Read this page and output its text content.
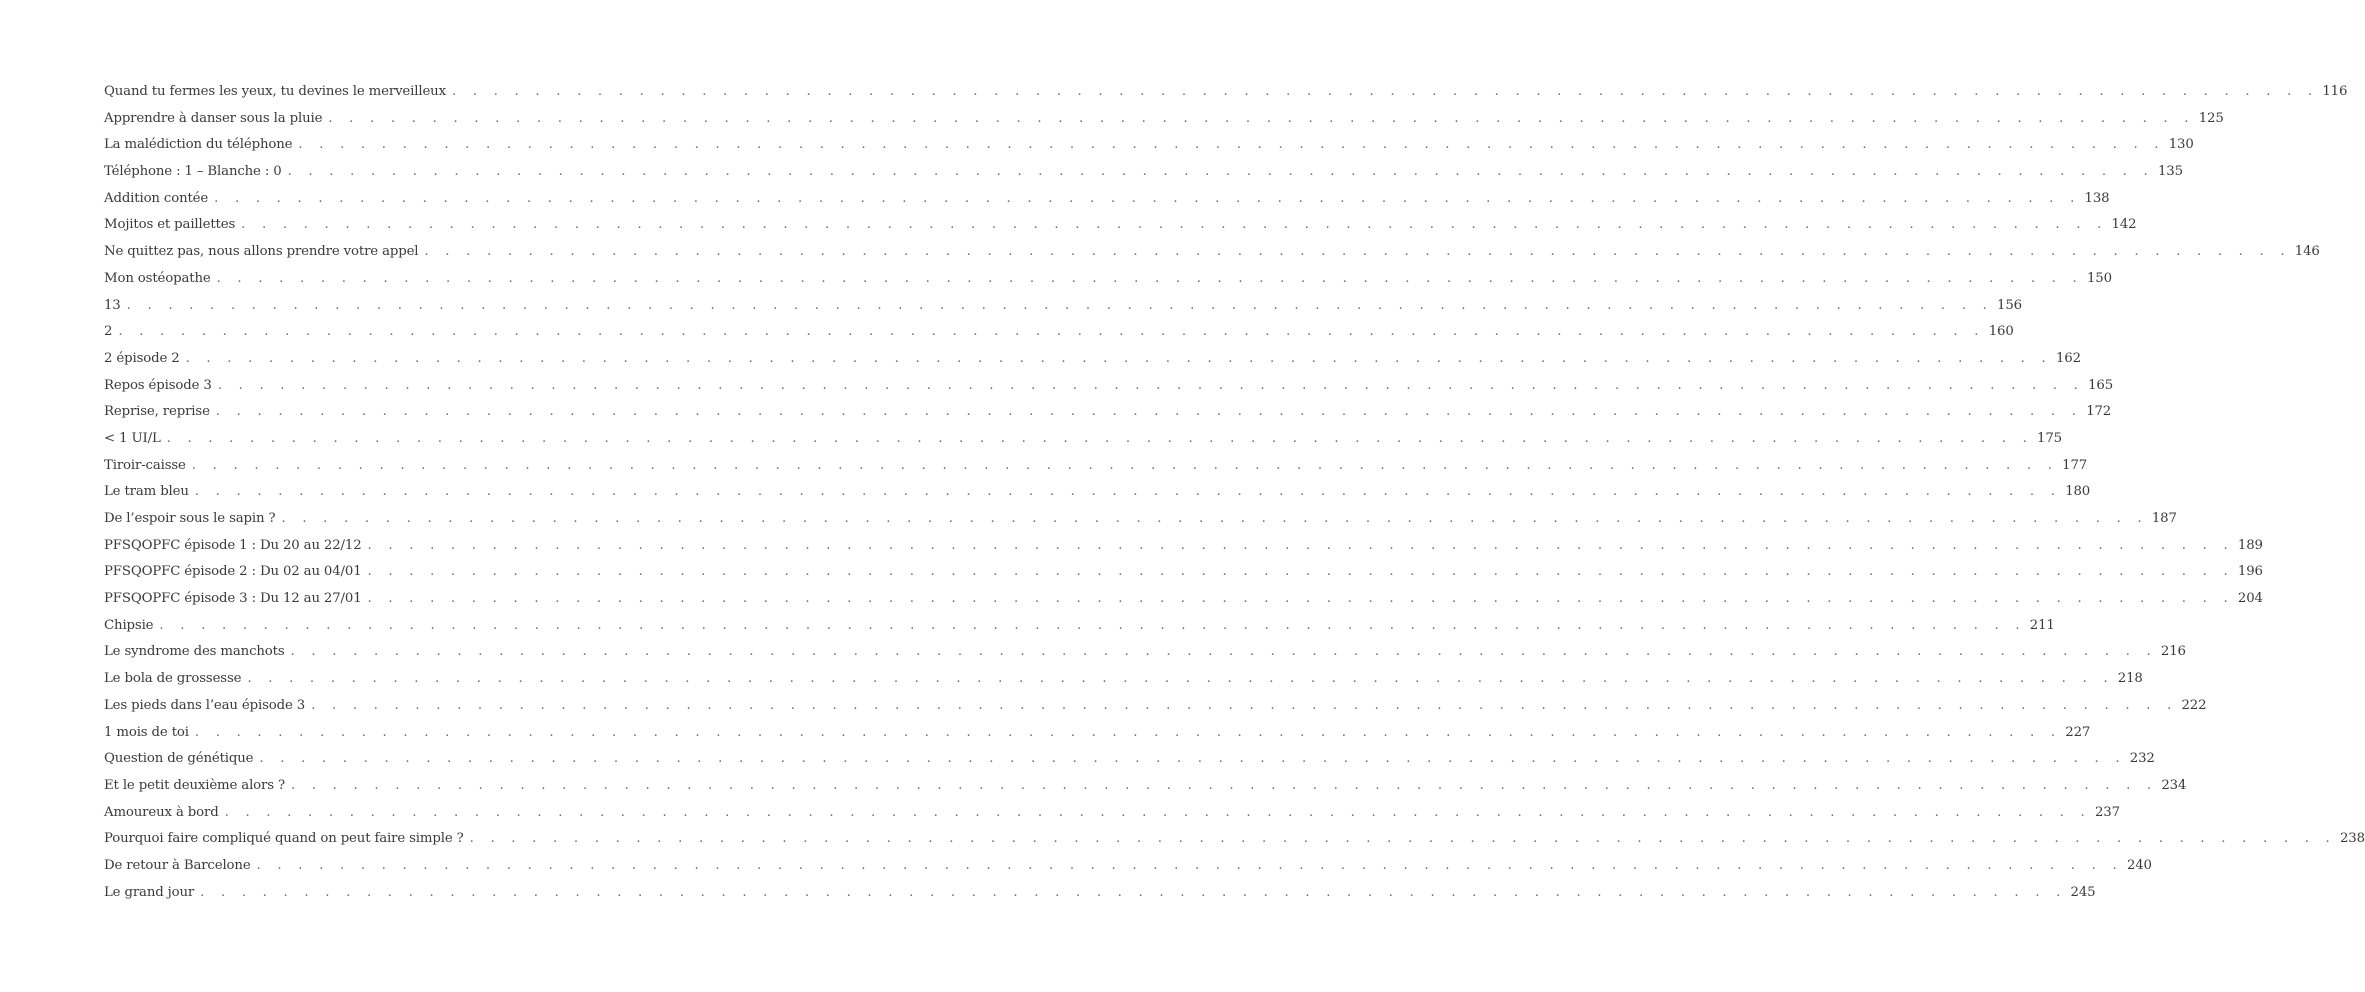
Quand tu fermes les yeux, tu devines le merveilleux . . . . . . . . . . . . . . . . . . . . . . . . . . . . . . . . . . . . . . . . . . . . . . . . . . . . . . . . . . . . . . . . . . . . . . . . . . . . . . . . . . . . . . . . . . 116
Apprendre à danser sous la pluie . . . . . . . . . . . . . . . . . . . . . . . . . . . . . . . . . . . . . . . . . . . . . . . . . . . . . . . . . . . . . . . . . . . . . . . . . . . . . . . . . . . . . . . . . . 125
La malédiction du téléphone . . . . . . . . . . . . . . . . . . . . . . . . . . . . . . . . . . . . . . . . . . . . . . . . . . . . . . . . . . . . . . . . . . . . . . . . . . . . . . . . . . . . . . . . . . 130
Téléphone : 1 – Blanche : 0 . . . . . . . . . . . . . . . . . . . . . . . . . . . . . . . . . . . . . . . . . . . . . . . . . . . . . . . . . . . . . . . . . . . . . . . . . . . . . . . . . . . . . . . . . . 135
Addition contée . . . . . . . . . . . . . . . . . . . . . . . . . . . . . . . . . . . . . . . . . . . . . . . . . . . . . . . . . . . . . . . . . . . . . . . . . . . . . . . . . . . . . . . . . . 138
Mojitos et paillettes . . . . . . . . . . . . . . . . . . . . . . . . . . . . . . . . . . . . . . . . . . . . . . . . . . . . . . . . . . . . . . . . . . . . . . . . . . . . . . . . . . . . . . . . . . 142
Ne quittez pas, nous allons prendre votre appel . . . . . . . . . . . . . . . . . . . . . . . . . . . . . . . . . . . . . . . . . . . . . . . . . . . . . . . . . . . . . . . . . . . . . . . . . . . . . . . . . . . . . . . . . . 146
Mon ostéopathe . . . . . . . . . . . . . . . . . . . . . . . . . . . . . . . . . . . . . . . . . . . . . . . . . . . . . . . . . . . . . . . . . . . . . . . . . . . . . . . . . . . . . . . . . . 150
13 . . . . . . . . . . . . . . . . . . . . . . . . . . . . . . . . . . . . . . . . . . . . . . . . . . . . . . . . . . . . . . . . . . . . . . . . . . . . . . . . . . . . . . . . . . 156
2 . . . . . . . . . . . . . . . . . . . . . . . . . . . . . . . . . . . . . . . . . . . . . . . . . . . . . . . . . . . . . . . . . . . . . . . . . . . . . . . . . . . . . . . . . . 160
2 épisode 2 . . . . . . . . . . . . . . . . . . . . . . . . . . . . . . . . . . . . . . . . . . . . . . . . . . . . . . . . . . . . . . . . . . . . . . . . . . . . . . . . . . . . . . . . . . 162
Repos épisode 3 . . . . . . . . . . . . . . . . . . . . . . . . . . . . . . . . . . . . . . . . . . . . . . . . . . . . . . . . . . . . . . . . . . . . . . . . . . . . . . . . . . . . . . . . . . 165
Reprise, reprise . . . . . . . . . . . . . . . . . . . . . . . . . . . . . . . . . . . . . . . . . . . . . . . . . . . . . . . . . . . . . . . . . . . . . . . . . . . . . . . . . . . . . . . . . . 172
< 1 UI/L . . . . . . . . . . . . . . . . . . . . . . . . . . . . . . . . . . . . . . . . . . . . . . . . . . . . . . . . . . . . . . . . . . . . . . . . . . . . . . . . . . . . . . . . . . 175
Tiroir-caisse . . . . . . . . . . . . . . . . . . . . . . . . . . . . . . . . . . . . . . . . . . . . . . . . . . . . . . . . . . . . . . . . . . . . . . . . . . . . . . . . . . . . . . . . . . 177
Le tram bleu . . . . . . . . . . . . . . . . . . . . . . . . . . . . . . . . . . . . . . . . . . . . . . . . . . . . . . . . . . . . . . . . . . . . . . . . . . . . . . . . . . . . . . . . . . 180
De l’espoir sous le sapin ? . . . . . . . . . . . . . . . . . . . . . . . . . . . . . . . . . . . . . . . . . . . . . . . . . . . . . . . . . . . . . . . . . . . . . . . . . . . . . . . . . . . . . . . . . . 187
PFSQOPFC épisode 1 : Du 20 au 22/12 . . . . . . . . . . . . . . . . . . . . . . . . . . . . . . . . . . . . . . . . . . . . . . . . . . . . . . . . . . . . . . . . . . . . . . . . . . . . . . . . . . . . . . . . . . 189
PFSQOPFC épisode 2 : Du 02 au 04/01 . . . . . . . . . . . . . . . . . . . . . . . . . . . . . . . . . . . . . . . . . . . . . . . . . . . . . . . . . . . . . . . . . . . . . . . . . . . . . . . . . . . . . . . . . . 196
PFSQOPFC épisode 3 : Du 12 au 27/01 . . . . . . . . . . . . . . . . . . . . . . . . . . . . . . . . . . . . . . . . . . . . . . . . . . . . . . . . . . . . . . . . . . . . . . . . . . . . . . . . . . . . . . . . . . 204
Chipsie . . . . . . . . . . . . . . . . . . . . . . . . . . . . . . . . . . . . . . . . . . . . . . . . . . . . . . . . . . . . . . . . . . . . . . . . . . . . . . . . . . . . . . . . . . 211
Le syndrome des manchots . . . . . . . . . . . . . . . . . . . . . . . . . . . . . . . . . . . . . . . . . . . . . . . . . . . . . . . . . . . . . . . . . . . . . . . . . . . . . . . . . . . . . . . . . . 216
Le bola de grossesse . . . . . . . . . . . . . . . . . . . . . . . . . . . . . . . . . . . . . . . . . . . . . . . . . . . . . . . . . . . . . . . . . . . . . . . . . . . . . . . . . . . . . . . . . . 218
Les pieds dans l’eau épisode 3 . . . . . . . . . . . . . . . . . . . . . . . . . . . . . . . . . . . . . . . . . . . . . . . . . . . . . . . . . . . . . . . . . . . . . . . . . . . . . . . . . . . . . . . . . . 222
1 mois de toi . . . . . . . . . . . . . . . . . . . . . . . . . . . . . . . . . . . . . . . . . . . . . . . . . . . . . . . . . . . . . . . . . . . . . . . . . . . . . . . . . . . . . . . . . . 227
Question de génétique . . . . . . . . . . . . . . . . . . . . . . . . . . . . . . . . . . . . . . . . . . . . . . . . . . . . . . . . . . . . . . . . . . . . . . . . . . . . . . . . . . . . . . . . . . 232
Et le petit deuxième alors ? . . . . . . . . . . . . . . . . . . . . . . . . . . . . . . . . . . . . . . . . . . . . . . . . . . . . . . . . . . . . . . . . . . . . . . . . . . . . . . . . . . . . . . . . . . 234
Amoureux à bord . . . . . . . . . . . . . . . . . . . . . . . . . . . . . . . . . . . . . . . . . . . . . . . . . . . . . . . . . . . . . . . . . . . . . . . . . . . . . . . . . . . . . . . . . . 237
Pourquoi faire compliqué quand on peut faire simple ? . . . . . . . . . . . . . . . . . . . . . . . . . . . . . . . . . . . . . . . . . . . . . . . . . . . . . . . . . . . . . . . . . . . . . . . . . . . . . . . . . . . . . . . . . . 238
De retour à Barcelone . . . . . . . . . . . . . . . . . . . . . . . . . . . . . . . . . . . . . . . . . . . . . . . . . . . . . . . . . . . . . . . . . . . . . . . . . . . . . . . . . . . . . . . . . . 240
Le grand jour . . . . . . . . . . . . . . . . . . . . . . . . . . . . . . . . . . . . . . . . . . . . . . . . . . . . . . . . . . . . . . . . . . . . . . . . . . . . . . . . . . . . . . . . . . 245
